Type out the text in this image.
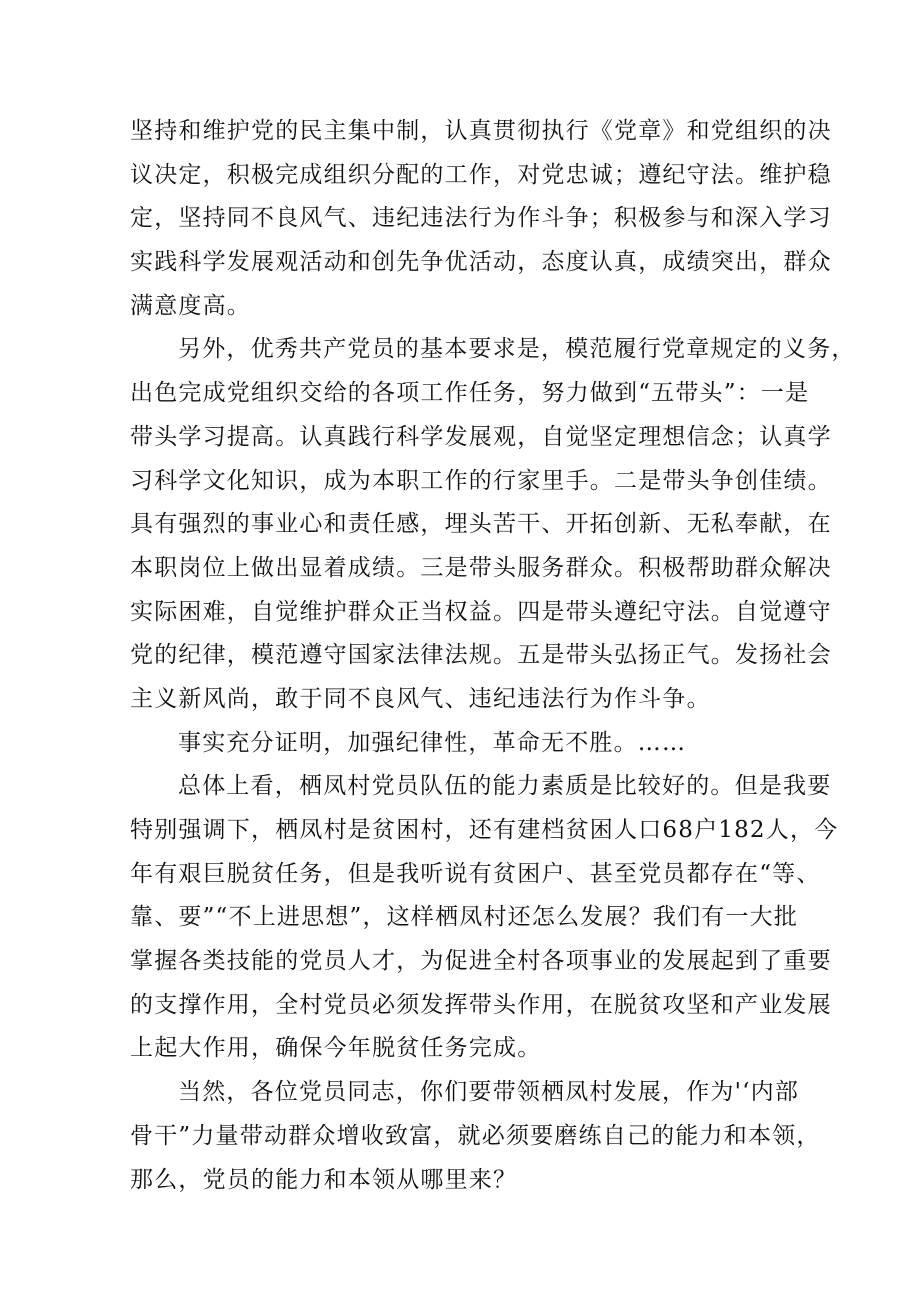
坚持和维护党的民主集中制，认真贯彻执行《党章》和党组织的决
议决定，积极完成组织分配的工作，对党忠诚；遵纪守法。维护稳
定，坚持同不良风气、违纪违法行为作斗争；积极参与和深入学习
实践科学发展观活动和创先争优活动，态度认真，成绩突出，群众
满意度高。
另外，优秀共产党员的基本要求是，模范履行党章规定的义务，
出色完成党组织交给的各项工作任务，努力做到“五带头”：一是
带头学习提高。认真践行科学发展观，自觉坚定理想信念；认真学
习科学文化知识，成为本职工作的行家里手。二是带头争创佳绩。
具有强烈的事业心和责任感，埋头苦干、开拓创新、无私奉献，在
本职岗位上做出显着成绩。三是带头服务群众。积极帮助群众解决
实际困难，自觉维护群众正当权益。四是带头遵纪守法。自觉遵守
党的纪律，模范遵守国家法律法规。五是带头弘扬正气。发扬社会
主义新风尚，敢于同不良风气、违纪违法行为作斗争。
事实充分证明，加强纪律性，革命无不胜。……
总体上看，栖凤村党员队伍的能力素质是比较好的。但是我要
特别强调下，栖凤村是贫困村，还有建档贫困人口68户182人，今
年有艰巨脱贫任务，但是我听说有贫困户、甚至党员都存在“等、
靠、要”“不上进思想”，这样栖凤村还怎么发展？我们有一大批
掌握各类技能的党员人才，为促进全村各项事业的发展起到了重要
的支撑作用，全村党员必须发挥带头作用，在脱贫攻坚和产业发展
上起大作用，确保今年脱贫任务完成。
当然，各位党员同志，你们要带领栖凤村发展，作为'‘内部
骨干”力量带动群众增收致富，就必须要磨练自己的能力和本领，
那么，党员的能力和本领从哪里来？
